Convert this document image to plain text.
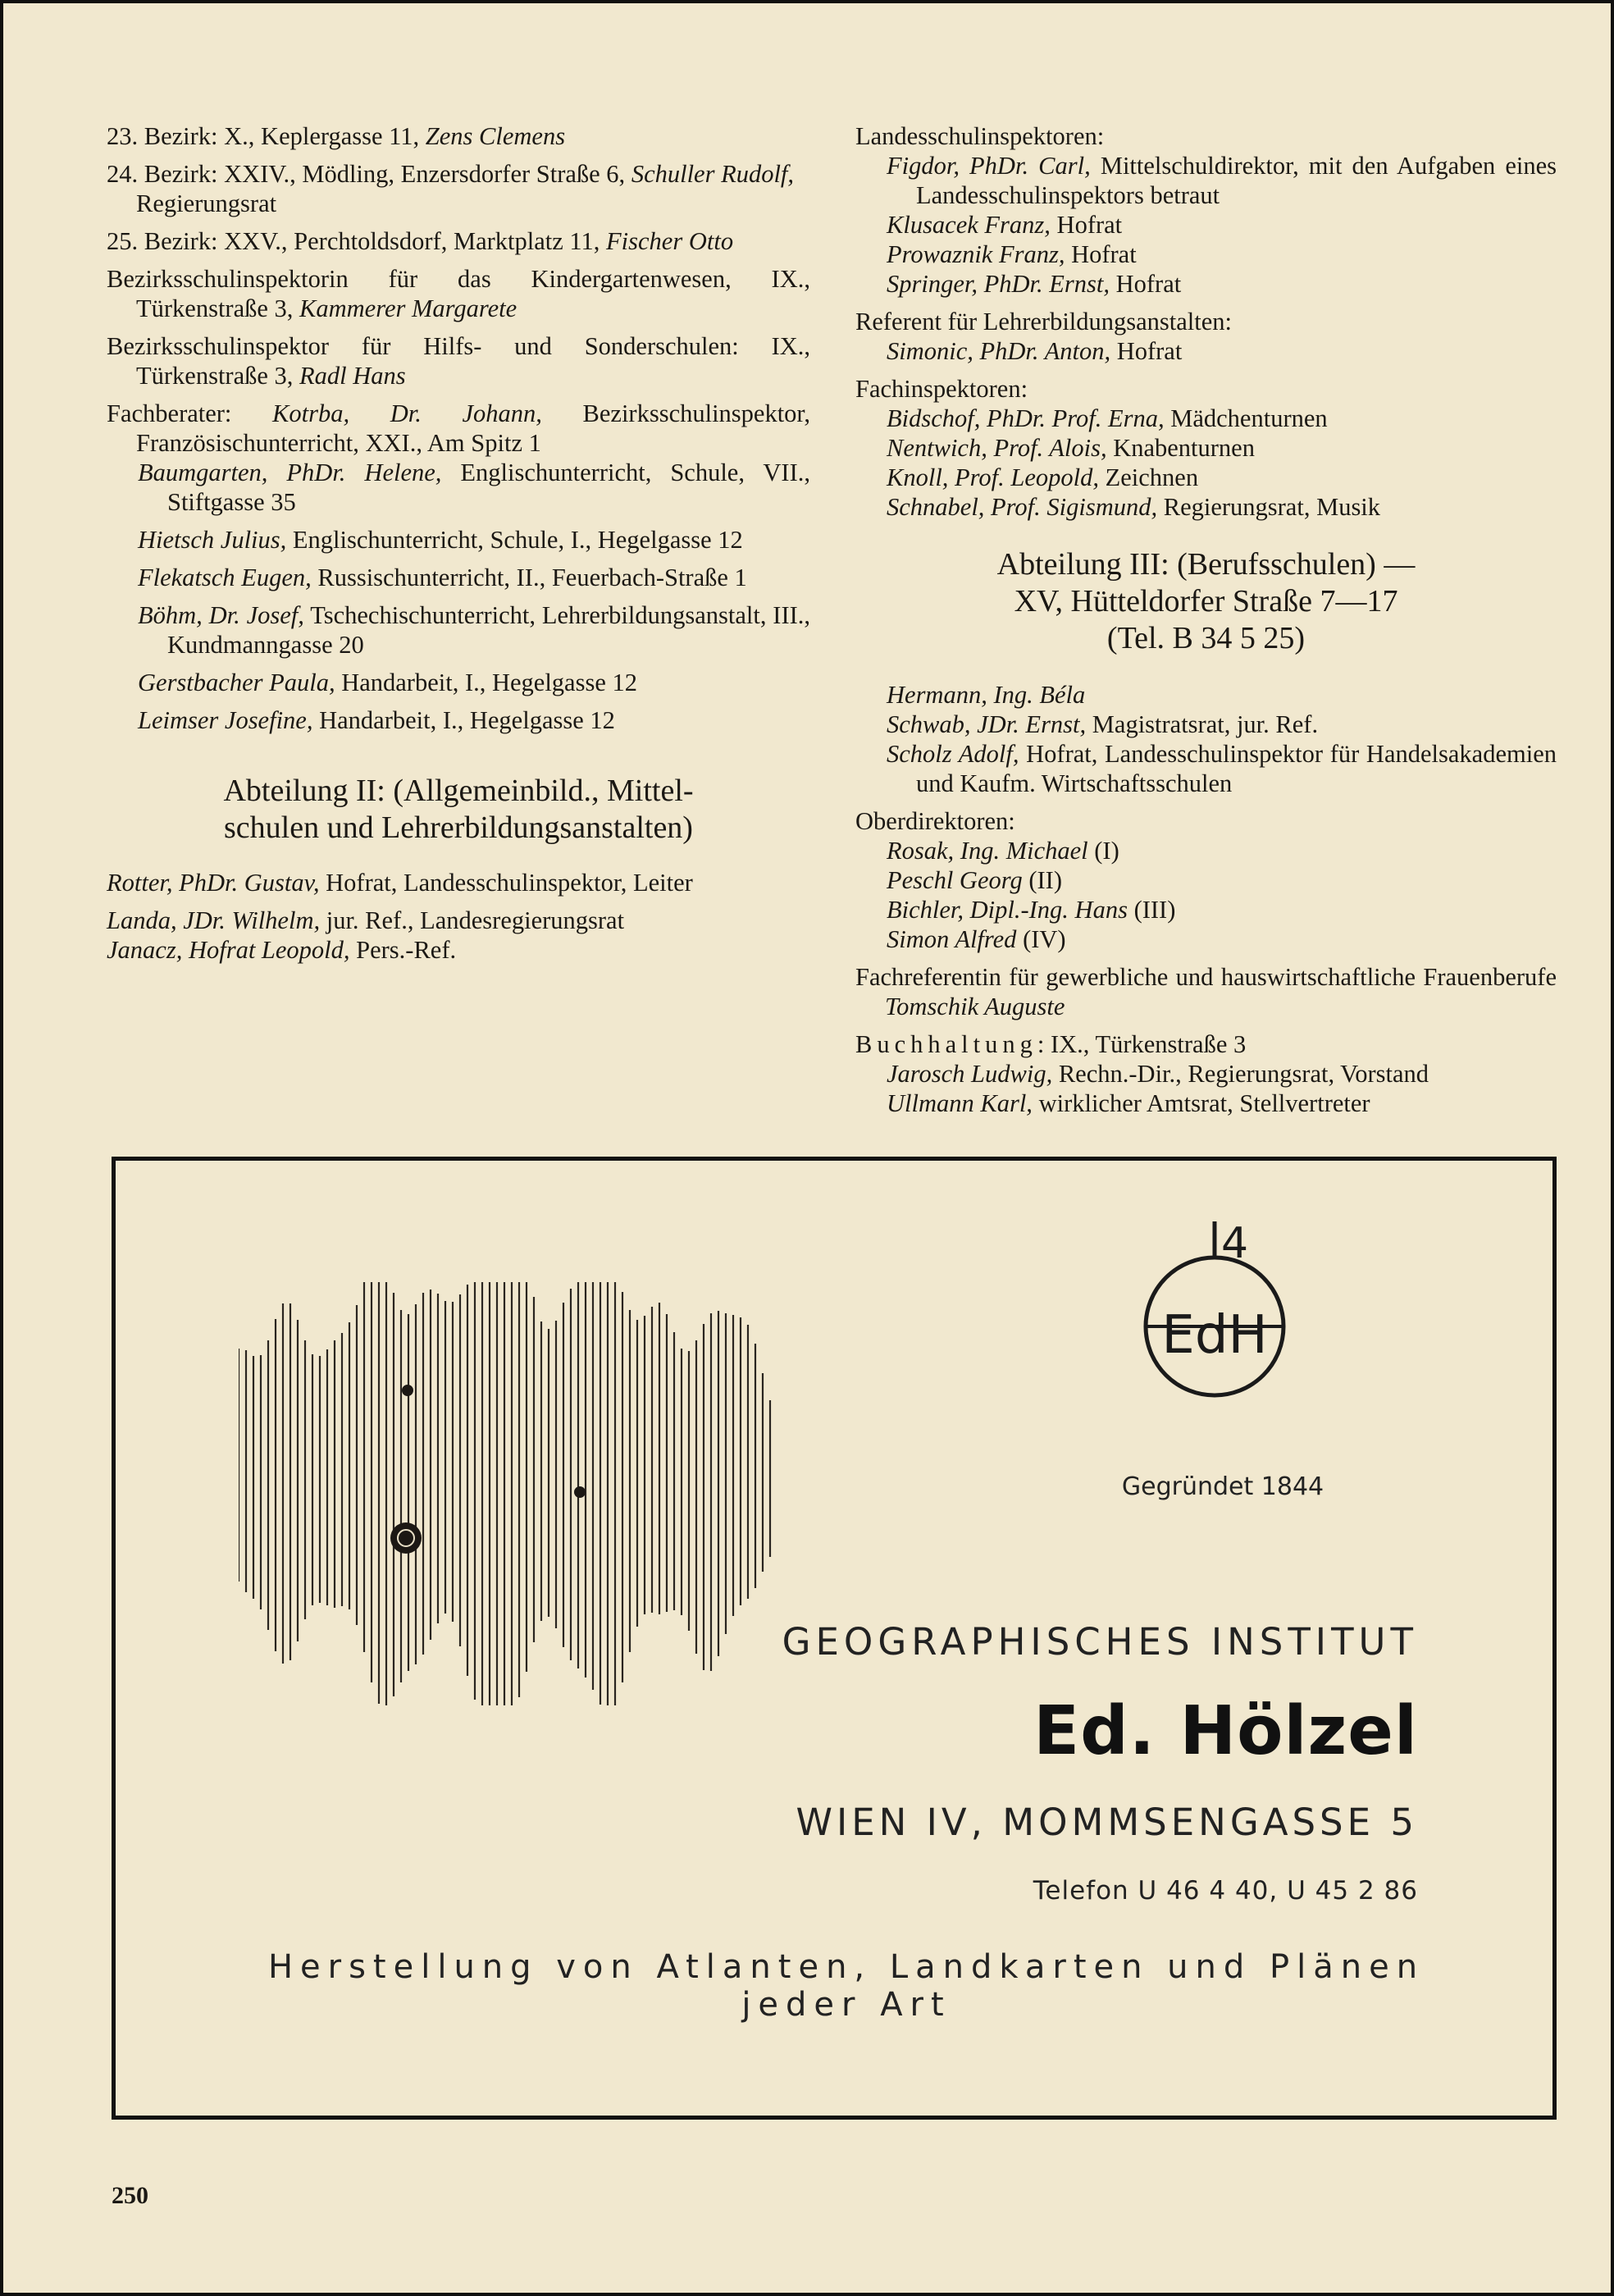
23. Bezirk: X., Keplergasse 11, Zens Clemens
24. Bezirk: XXIV., Mödling, Enzersdorfer Straße 6, Schuller Rudolf, Regierungsrat
25. Bezirk: XXV., Perchtoldsdorf, Marktplatz 11, Fischer Otto
Bezirksschulinspektorin für das Kindergartenwesen, IX., Türkenstraße 3, Kammerer Margarete
Bezirksschulinspektor für Hilfs- und Sonderschulen: IX., Türkenstraße 3, Radl Hans
Fachberater: Kotrba, Dr. Johann, Bezirksschulinspektor, Französischunterricht, XXI., Am Spitz 1
Baumgarten, PhDr. Helene, Englischunterricht, Schule, VII., Stiftgasse 35
Hietsch Julius, Englischunterricht, Schule, I., Hegelgasse 12
Flekatsch Eugen, Russischunterricht, II., Feuerbach-Straße 1
Böhm, Dr. Josef, Tschechischunterricht, Lehrerbildungsanstalt, III., Kundmanngasse 20
Gerstbacher Paula, Handarbeit, I., Hegelgasse 12
Leimser Josefine, Handarbeit, I., Hegelgasse 12
Abteilung II: (Allgemeinbild., Mittel-
schulen und Lehrerbildungsanstalten)
Rotter, PhDr. Gustav, Hofrat, Landesschulinspektor, Leiter
Landa, JDr. Wilhelm, jur. Ref., Landesregierungsrat
Janacz, Hofrat Leopold, Pers.-Ref.
Landesschulinspektoren:
Figdor, PhDr. Carl, Mittelschuldirektor, mit den Aufgaben eines Landesschulinspektors betraut
Klusacek Franz, Hofrat
Prowaznik Franz, Hofrat
Springer, PhDr. Ernst, Hofrat
Referent für Lehrerbildungsanstalten:
Simonic, PhDr. Anton, Hofrat
Fachinspektoren:
Bidschof, PhDr. Prof. Erna, Mädchenturnen
Nentwich, Prof. Alois, Knabenturnen
Knoll, Prof. Leopold, Zeichnen
Schnabel, Prof. Sigismund, Regierungsrat, Musik
Abteilung III: (Berufsschulen) —
XV, Hütteldorfer Straße 7—17
(Tel. B 34 5 25)
Hermann, Ing. Béla
Schwab, JDr. Ernst, Magistratsrat, jur. Ref.
Scholz Adolf, Hofrat, Landesschulinspektor für Handelsakademien und Kaufm. Wirtschaftsschulen
Oberdirektoren:
Rosak, Ing. Michael (I)
Peschl Georg (II)
Bichler, Dipl.-Ing. Hans (III)
Simon Alfred (IV)
Fachreferentin für gewerbliche und hauswirtschaftliche Frauenberufe Tomschik Auguste
Buchhaltung: IX., Türkenstraße 3
Jarosch Ludwig, Rechn.-Dir., Regierungsrat, Vorstand
Ullmann Karl, wirklicher Amtsrat, Stellvertreter
4
EdH
Gegründet 1844
GEOGRAPHISCHES INSTITUT
Ed. Hölzel
WIEN IV, MOMMSENGASSE 5
Telefon U 46 4 40, U 45 2 86
Herstellung von Atlanten, Landkarten und Plänen jeder Art
250
